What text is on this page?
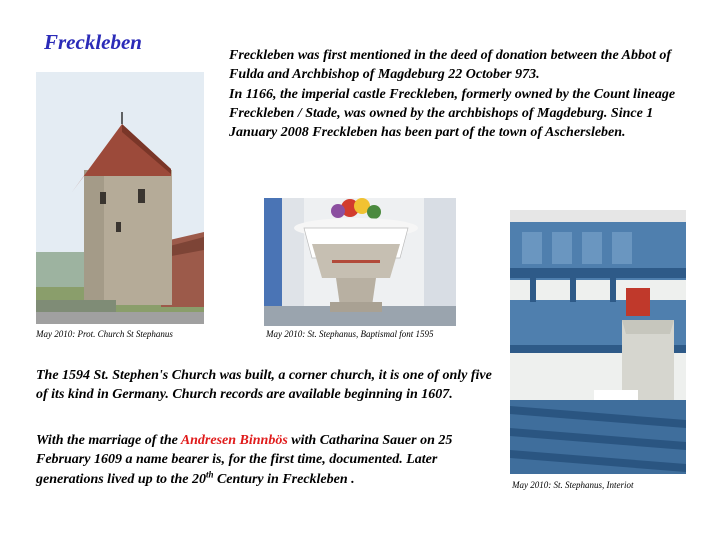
Freckleben
Freckleben was first mentioned in the deed of donation between the Abbot of Fulda and Archbishop of Magdeburg 22 October 973.
In 1166, the imperial castle Freckleben, formerly owned by the Count lineage Freckleben / Stade, was owned by the archbishops of Magdeburg. Since 1 January 2008 Freckleben has been part of the town of Aschersleben.
May 2010: Prot. Church St Stephanus	May 2010: St. Stephanus, Baptismal font 1595
May 2010: St. Stephanus, Interiot

The 1594 St. Stephen's Church was built, a corner church, it is one of only five of its kind in Germany. Church records are available beginning in 1607.

With the marriage of the Andresen Binnbös with Catharina Sauer on 25 February 1609 a name bearer is, for the first time, documented. Later generations lived up to the 20th Century in Freckleben .
